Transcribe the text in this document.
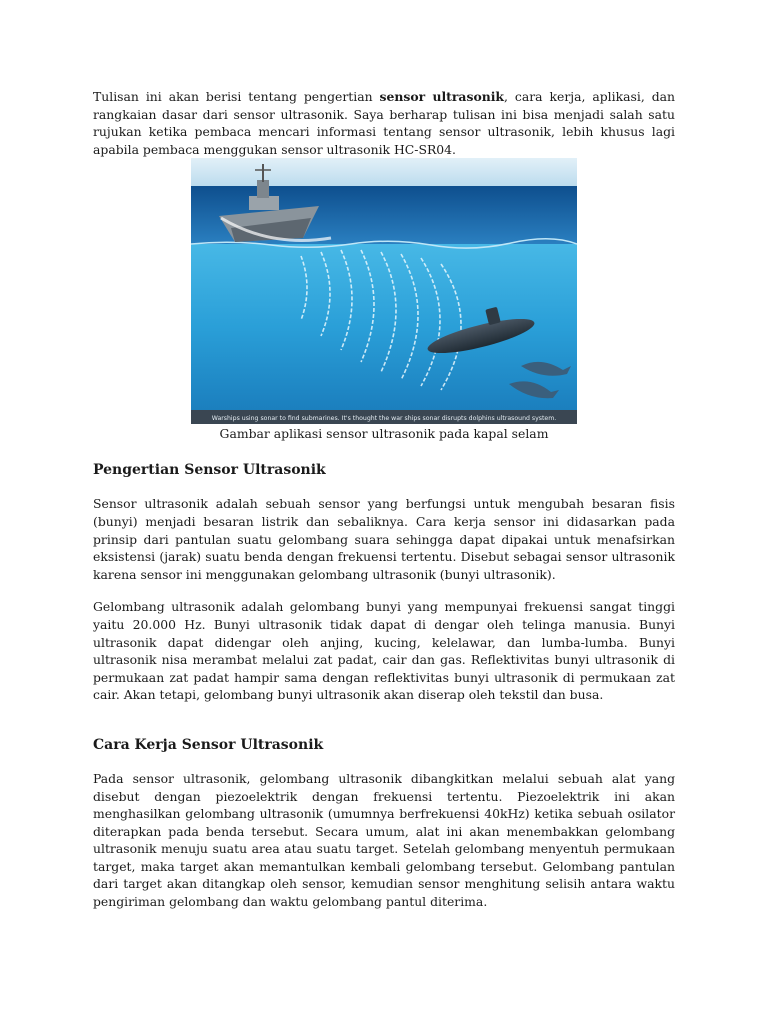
Tulisan ini akan berisi tentang pengertian sensor ultrasonik, cara kerja, aplikasi, dan rangkaian dasar dari sensor ultrasonik. Saya berharap tulisan ini bisa menjadi salah satu rujukan ketika pembaca mencari informasi tentang sensor ultrasonik, lebih khusus lagi apabila pembaca menggukan sensor ultrasonik HC-SR04.

Warships using sonar to find submarines. It's thought the war ships sonar disrupts dolphins ultrasound system.
Gambar aplikasi sensor ultrasonik pada kapal selam
Pengertian Sensor Ultrasonik

Sensor ultrasonik adalah sebuah sensor yang berfungsi untuk mengubah besaran fisis (bunyi) menjadi besaran listrik dan sebaliknya. Cara kerja sensor ini didasarkan pada prinsip dari pantulan suatu gelombang suara sehingga dapat dipakai untuk menafsirkan eksistensi (jarak) suatu benda dengan frekuensi tertentu. Disebut sebagai sensor ultrasonik karena sensor ini menggunakan gelombang ultrasonik (bunyi ultrasonik).

Gelombang ultrasonik adalah gelombang bunyi yang mempunyai frekuensi sangat tinggi yaitu 20.000 Hz. Bunyi ultrasonik tidak dapat di dengar oleh telinga manusia. Bunyi ultrasonik dapat didengar oleh anjing, kucing, kelelawar, dan lumba-lumba. Bunyi ultrasonik nisa merambat melalui zat padat, cair dan gas. Reflektivitas bunyi ultrasonik di permukaan zat padat hampir sama dengan reflektivitas bunyi ultrasonik di permukaan zat cair. Akan tetapi, gelombang bunyi ultrasonik akan diserap oleh tekstil dan busa.

Cara Kerja Sensor Ultrasonik

Pada sensor ultrasonik, gelombang ultrasonik dibangkitkan melalui sebuah alat yang disebut dengan piezoelektrik dengan frekuensi tertentu. Piezoelektrik ini akan menghasilkan gelombang ultrasonik (umumnya berfrekuensi 40kHz) ketika sebuah osilator diterapkan pada benda tersebut. Secara umum, alat ini akan menembakkan gelombang ultrasonik menuju suatu area atau suatu target. Setelah gelombang menyentuh permukaan target, maka target akan memantulkan kembali gelombang tersebut. Gelombang pantulan dari target akan ditangkap oleh sensor, kemudian sensor menghitung selisih antara waktu pengiriman gelombang dan waktu gelombang pantul diterima.
